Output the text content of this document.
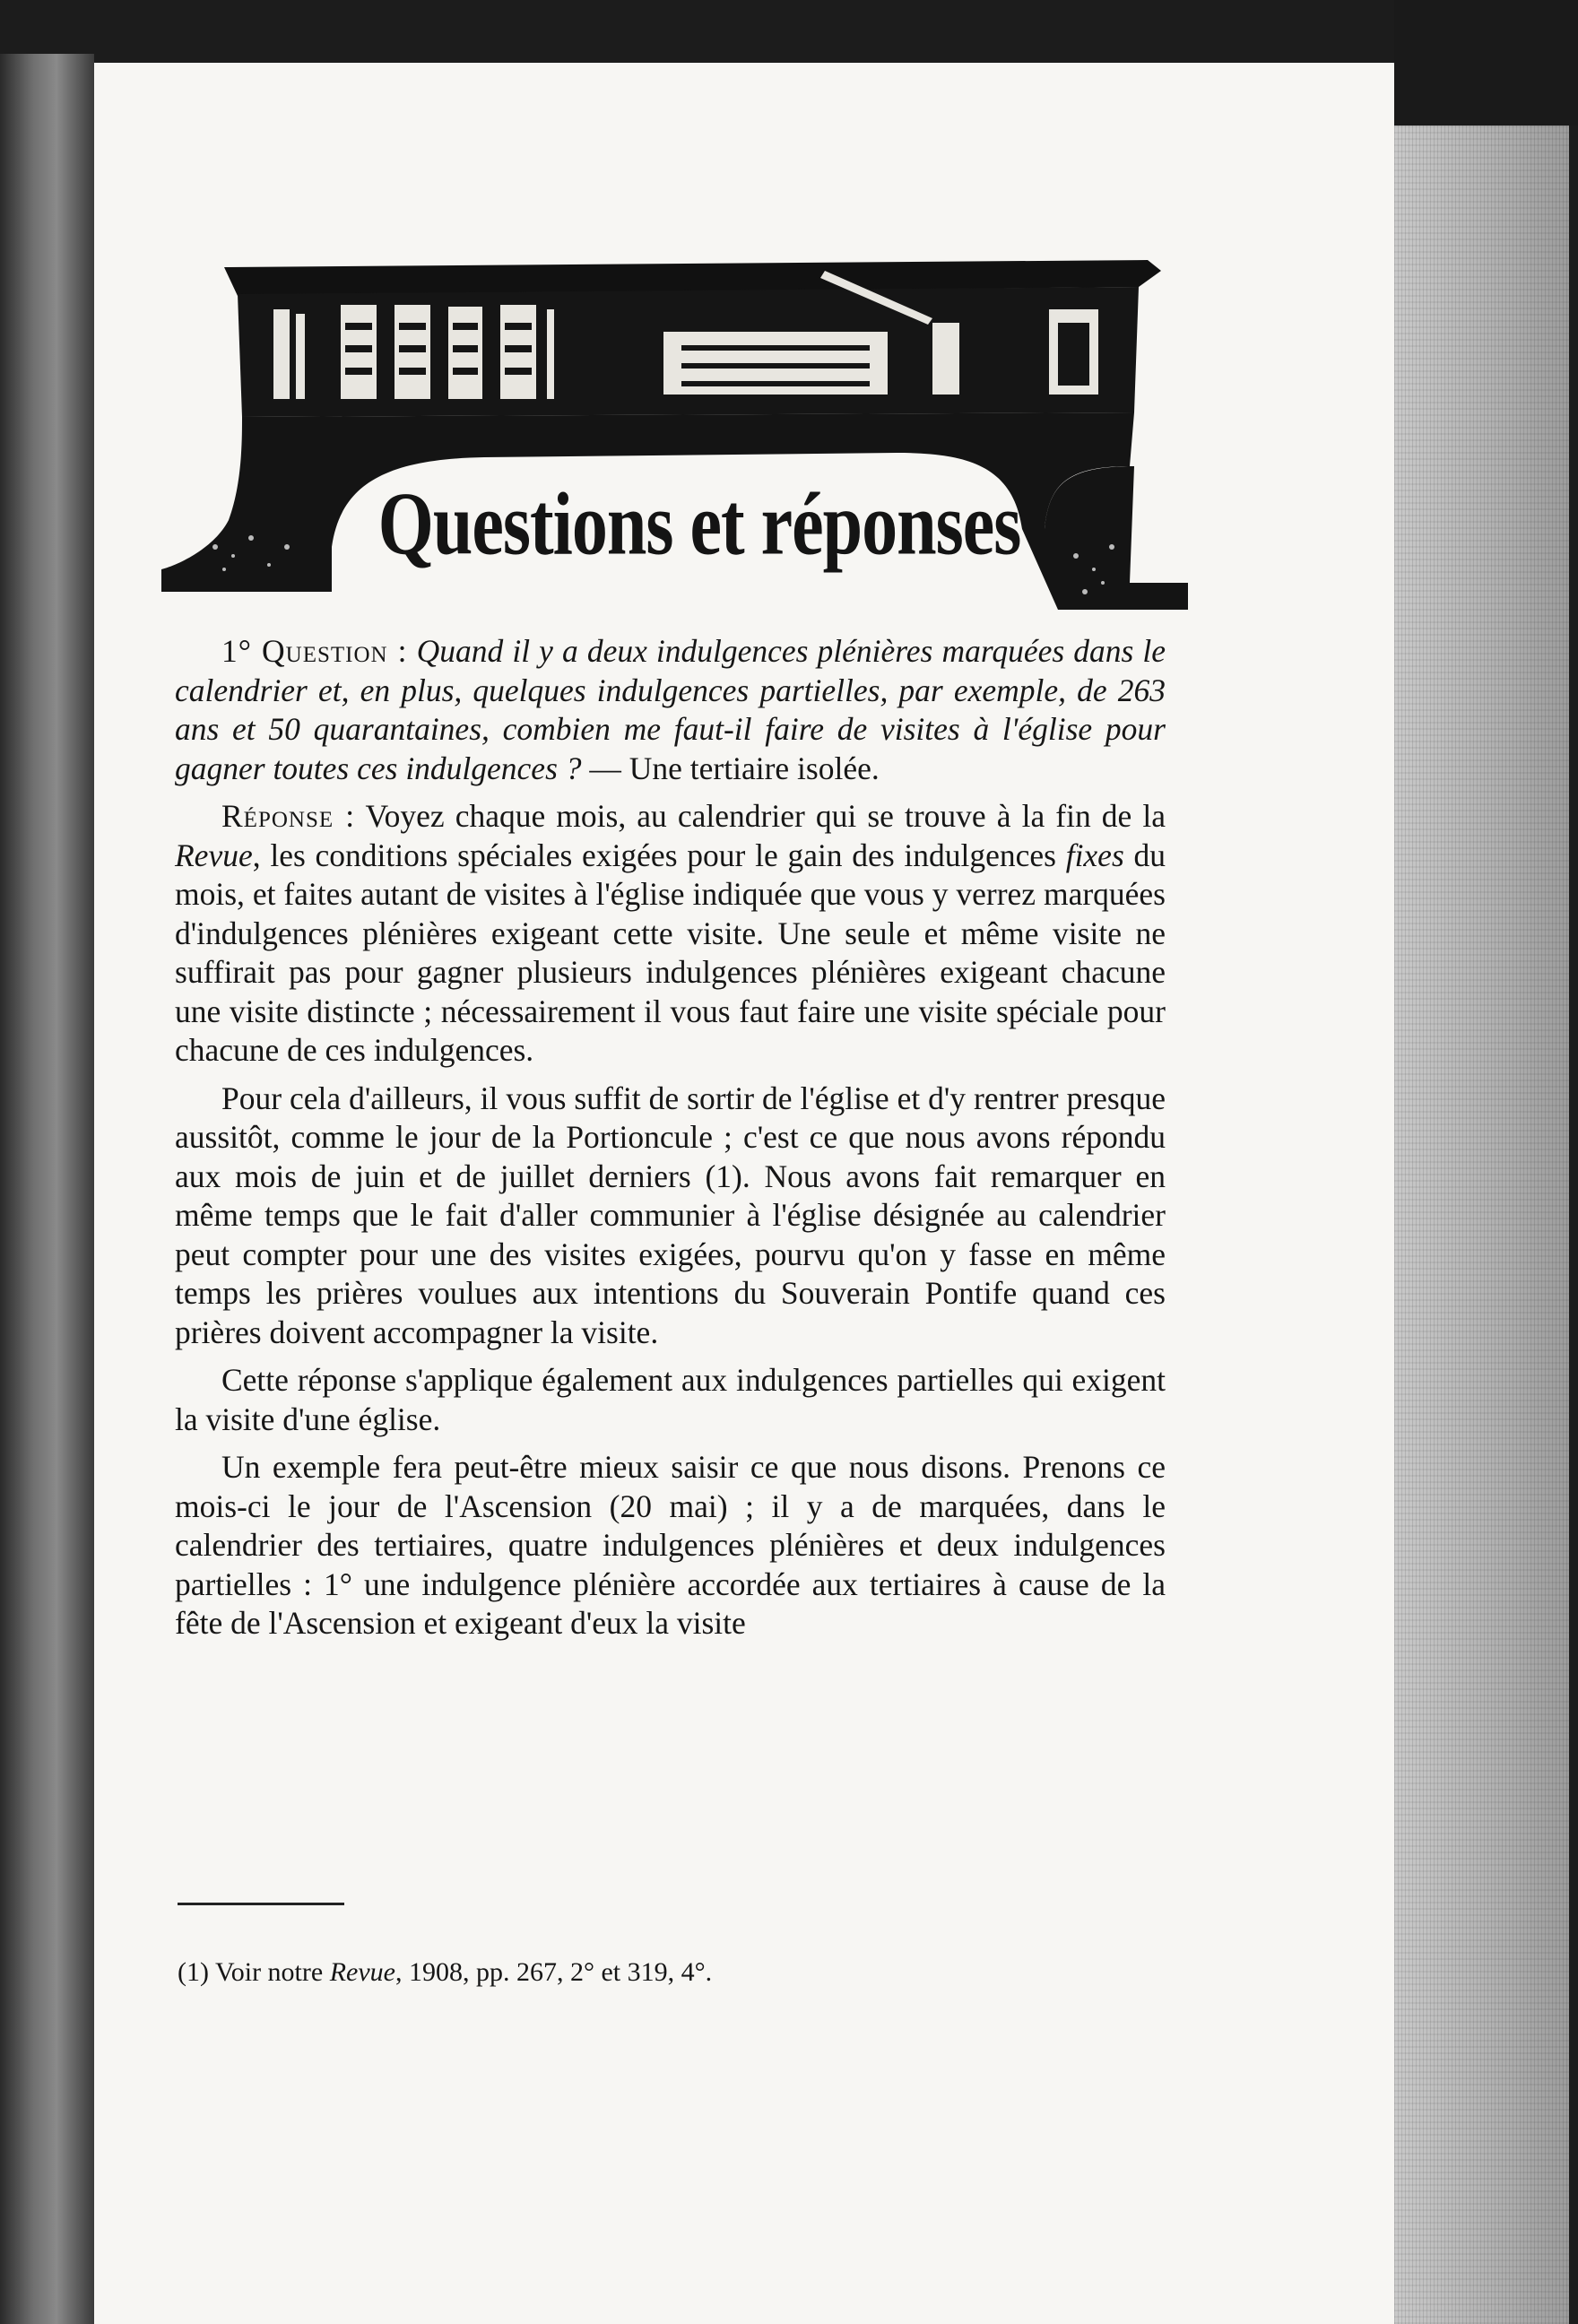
Questions et réponses

1° Question : Quand il y a deux indulgences plénières marquées dans le calendrier et, en plus, quelques indulgences partielles, par exemple, de 263 ans et 50 quarantaines, combien me faut-il faire de visites à l'église pour gagner toutes ces indulgences ? — Une tertiaire isolée.

Réponse : Voyez chaque mois, au calendrier qui se trouve à la fin de la Revue, les conditions spéciales exigées pour le gain des indulgences fixes du mois, et faites autant de visites à l'église indiquée que vous y verrez marquées d'indulgences plénières exigeant cette visite. Une seule et même visite ne suffirait pas pour gagner plusieurs indulgences plénières exigeant chacune une visite distincte ; nécessairement il vous faut faire une visite spéciale pour chacune de ces indulgences.

Pour cela d'ailleurs, il vous suffit de sortir de l'église et d'y rentrer presque aussitôt, comme le jour de la Portioncule ; c'est ce que nous avons répondu aux mois de juin et de juillet derniers (1). Nous avons fait remarquer en même temps que le fait d'aller communier à l'église désignée au calendrier peut compter pour une des visites exigées, pourvu qu'on y fasse en même temps les prières voulues aux intentions du Souverain Pontife quand ces prières doivent accompagner la visite.

Cette réponse s'applique également aux indulgences partielles qui exigent la visite d'une église.

Un exemple fera peut-être mieux saisir ce que nous disons. Prenons ce mois-ci le jour de l'Ascension (20 mai) ; il y a de marquées, dans le calendrier des tertiaires, quatre indulgences plénières et deux indulgences partielles : 1° une indulgence plénière accordée aux tertiaires à cause de la fête de l'Ascension et exigeant d'eux la visite

(1) Voir notre Revue, 1908, pp. 267, 2° et 319, 4°.
